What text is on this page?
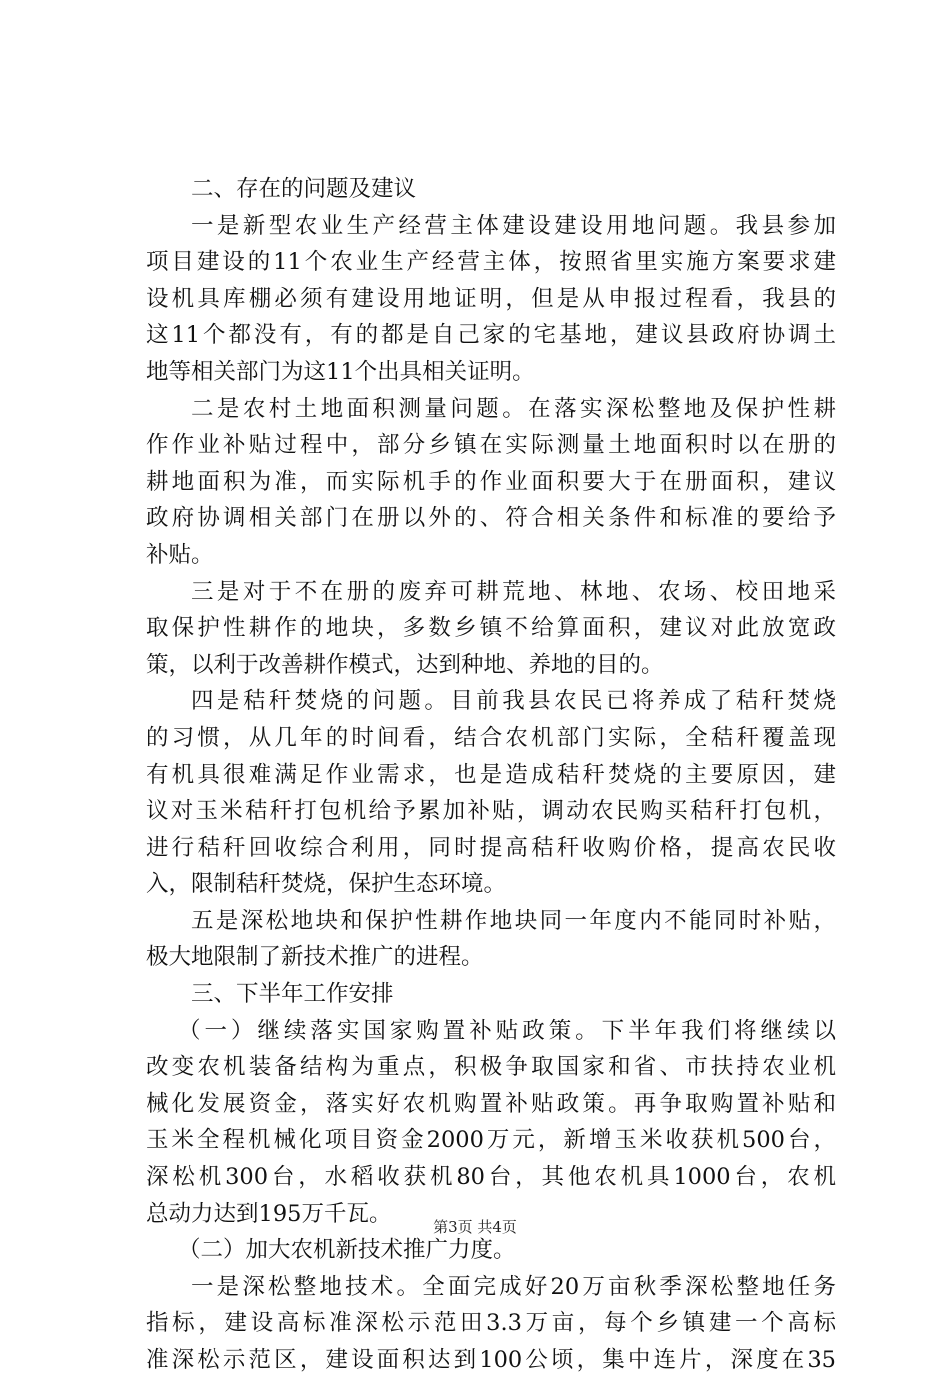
二、存在的问题及建议
一是新型农业生产经营主体建设建设用地问题。我县参加
项目建设的11个农业生产经营主体，按照省里实施方案要求建
设机具库棚必须有建设用地证明，但是从申报过程看，我县的
这11个都没有，有的都是自己家的宅基地，建议县政府协调土
地等相关部门为这11个出具相关证明。
二是农村土地面积测量问题。在落实深松整地及保护性耕
作作业补贴过程中，部分乡镇在实际测量土地面积时以在册的
耕地面积为准，而实际机手的作业面积要大于在册面积，建议
政府协调相关部门在册以外的、符合相关条件和标准的要给予
补贴。
三是对于不在册的废弃可耕荒地、林地、农场、校田地采
取保护性耕作的地块，多数乡镇不给算面积，建议对此放宽政
策，以利于改善耕作模式，达到种地、养地的目的。
四是秸秆焚烧的问题。目前我县农民已将养成了秸秆焚烧
的习惯，从几年的时间看，结合农机部门实际，全秸秆覆盖现
有机具很难满足作业需求，也是造成秸秆焚烧的主要原因，建
议对玉米秸秆打包机给予累加补贴，调动农民购买秸秆打包机，
进行秸秆回收综合利用，同时提高秸秆收购价格，提高农民收
入，限制秸秆焚烧，保护生态环境。
五是深松地块和保护性耕作地块同一年度内不能同时补贴，
极大地限制了新技术推广的进程。
三、下半年工作安排
（一）继续落实国家购置补贴政策。下半年我们将继续以
改变农机装备结构为重点，积极争取国家和省、市扶持农业机
械化发展资金，落实好农机购置补贴政策。再争取购置补贴和
玉米全程机械化项目资金2000万元，新增玉米收获机500台，
深松机300台，水稻收获机80台，其他农机具1000台，农机
总动力达到195万千瓦。
（二）加大农机新技术推广力度。
一是深松整地技术。全面完成好20万亩秋季深松整地任务
指标，建设高标准深松示范田3.3万亩，每个乡镇建一个高标
准深松示范区，建设面积达到100公顷，集中连片，深度在35
第3页 共4页
